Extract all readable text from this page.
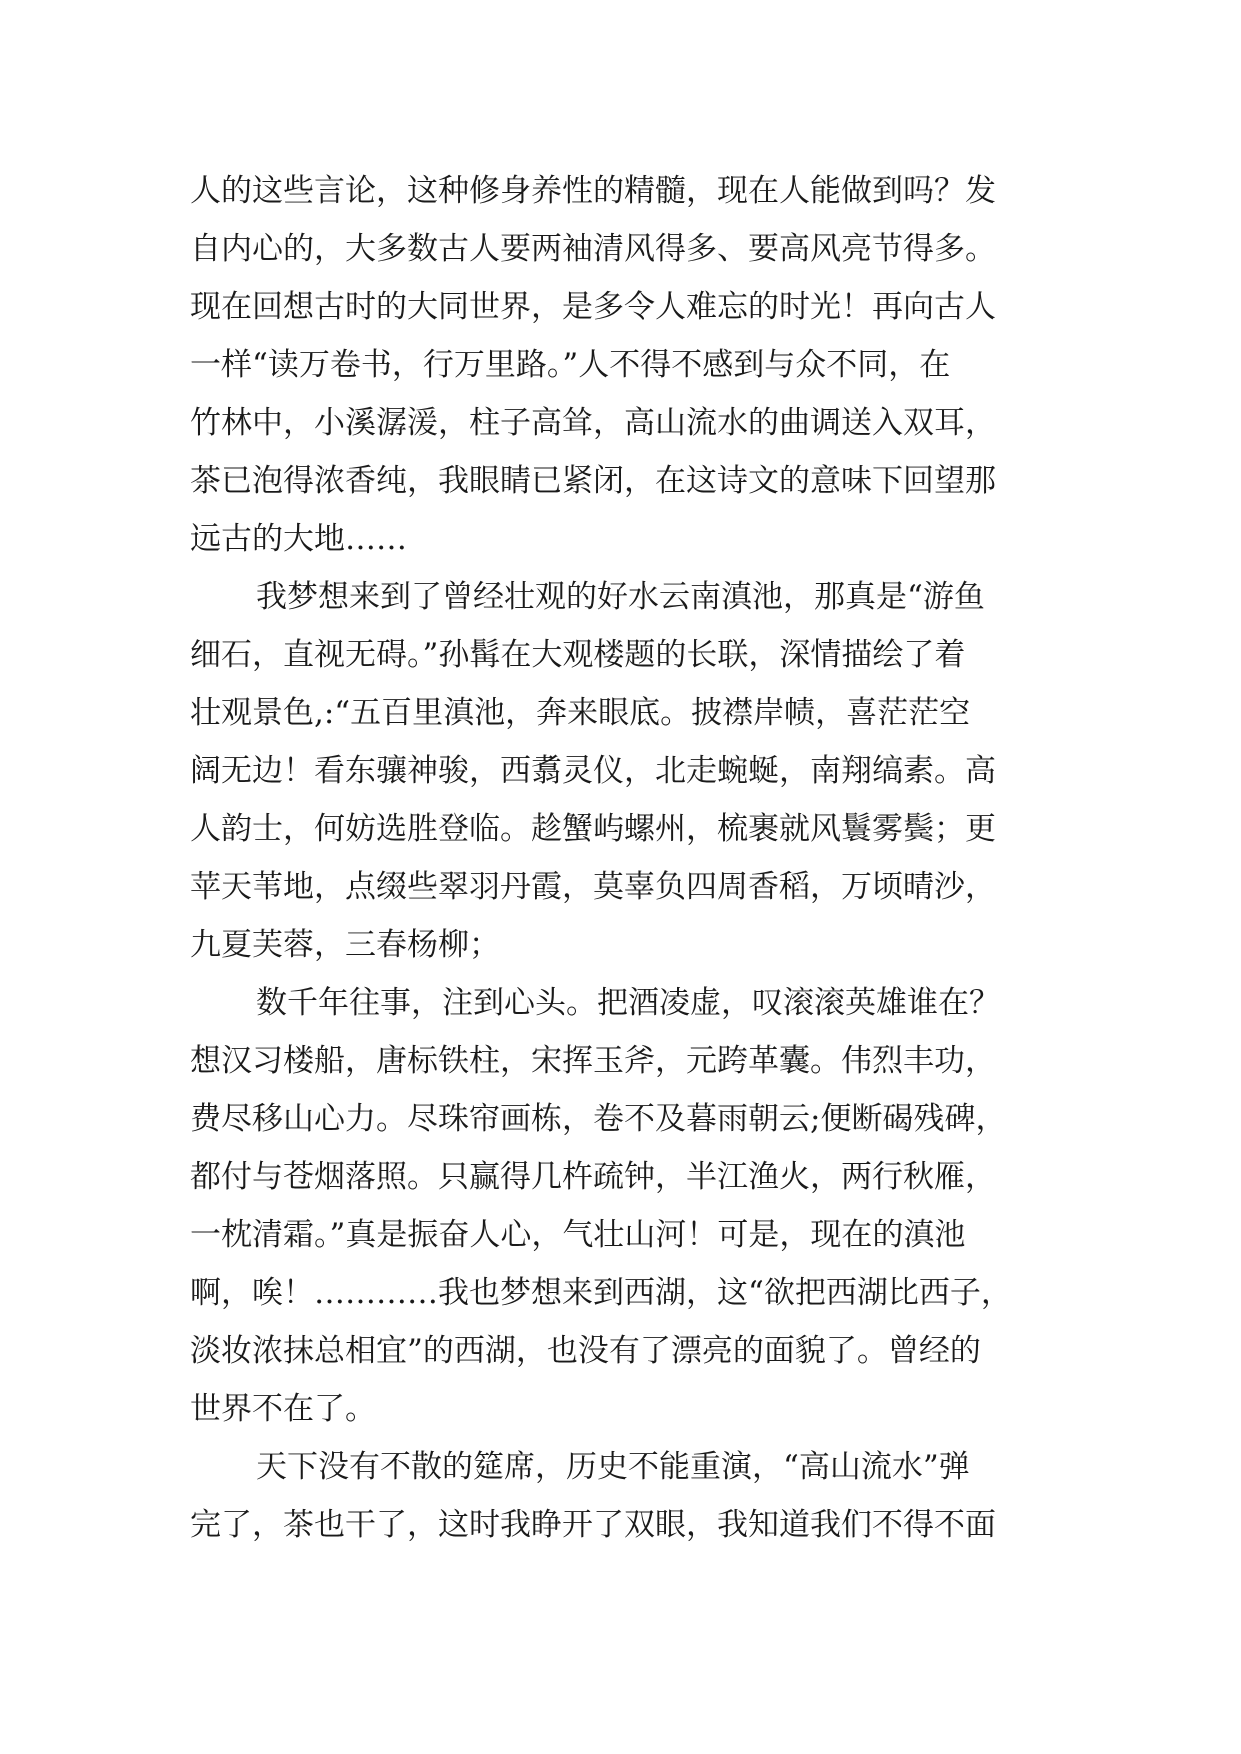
人的这些言论，这种修身养性的精髓，现在人能做到吗？发
自内心的，大多数古人要两袖清风得多、要高风亮节得多。
现在回想古时的大同世界，是多令人难忘的时光！再向古人
一样“读万卷书，行万里路。”人不得不感到与众不同，在
竹林中，小溪潺湲，柱子高耸，高山流水的曲调送入双耳，
茶已泡得浓香纯，我眼睛已紧闭，在这诗文的意味下回望那
远古的大地……
我梦想来到了曾经壮观的好水云南滇池，那真是“游鱼
细石，直视无碍。”孙髯在大观楼题的长联，深情描绘了着
壮观景色,:“五百里滇池，奔来眼底。披襟岸帻，喜茫茫空
阔无边！看东骧神骏，西翥灵仪，北走蜿蜒，南翔缟素。高
人韵士，何妨选胜登临。趁蟹屿螺州，梳裹就风鬟雾鬓；更
苹天苇地，点缀些翠羽丹霞，莫辜负四周香稻，万顷晴沙，
九夏芙蓉，三春杨柳；
数千年往事，注到心头。把酒凌虚，叹滚滚英雄谁在？
想汉习楼船，唐标铁柱，宋挥玉斧，元跨革囊。伟烈丰功，
费尽移山心力。尽珠帘画栋，卷不及暮雨朝云;便断碣残碑，
都付与苍烟落照。只赢得几杵疏钟，半江渔火，两行秋雁，
一枕清霜。”真是振奋人心，气壮山河！可是，现在的滇池
啊，唉！…………我也梦想来到西湖，这“欲把西湖比西子，
淡妆浓抹总相宜”的西湖，也没有了漂亮的面貌了。曾经的
世界不在了。
天下没有不散的筵席，历史不能重演，“高山流水”弹
完了，茶也干了，这时我睁开了双眼，我知道我们不得不面
